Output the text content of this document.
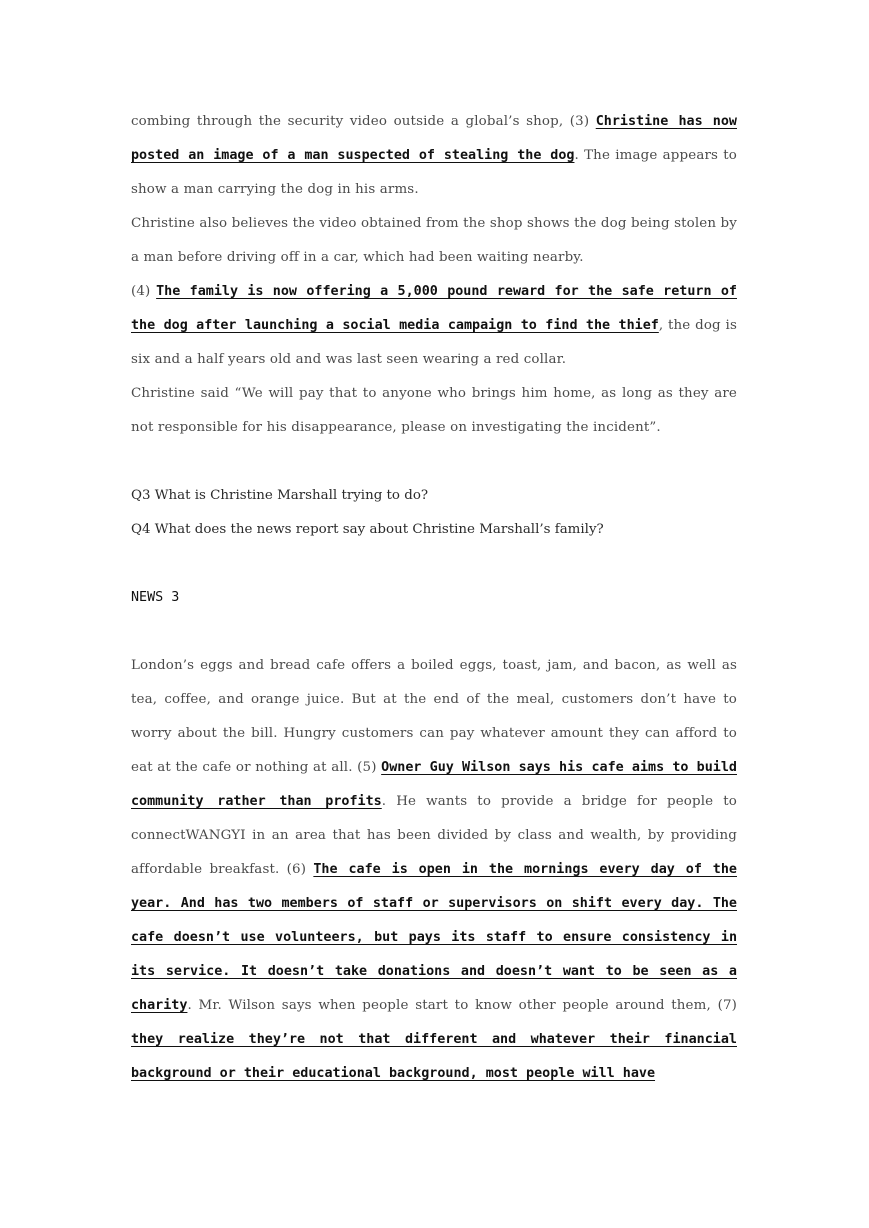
combing through the security video outside a global’s shop, (3) Christine has now posted an image of a man suspected of stealing the dog. The image appears to show a man carrying the dog in his arms.

Christine also believes the video obtained from the shop shows the dog being stolen by a man before driving off in a car, which had been waiting nearby.

(4) The family is now offering a 5,000 pound reward for the safe return of the dog after launching a social media campaign to find the thief, the dog is six and a half years old and was last seen wearing a red collar.

Christine said “We will pay that to anyone who brings him home, as long as they are not responsible for his disappearance, please on investigating the incident”.

Q3 What is Christine Marshall trying to do?

Q4 What does the news report say about Christine Marshall’s family?

NEWS 3

London’s eggs and bread cafe offers a boiled eggs, toast, jam, and bacon, as well as tea, coffee, and orange juice. But at the end of the meal, customers don’t have to worry about the bill. Hungry customers can pay whatever amount they can afford to eat at the cafe or nothing at all. (5) Owner Guy Wilson says his cafe aims to build community rather than profits. He wants to provide a bridge for people to connectWANGYI in an area that has been divided by class and wealth, by providing affordable breakfast. (6) The cafe is open in the mornings every day of the year. And has two members of staff or supervisors on shift every day. The cafe doesn’t use volunteers, but pays its staff to ensure consistency in its service. It doesn’t take donations and doesn’t want to be seen as a charity. Mr. Wilson says when people start to know other people around them, (7) they realize they’re not that different and whatever their financial background or their educational background, most people will have
